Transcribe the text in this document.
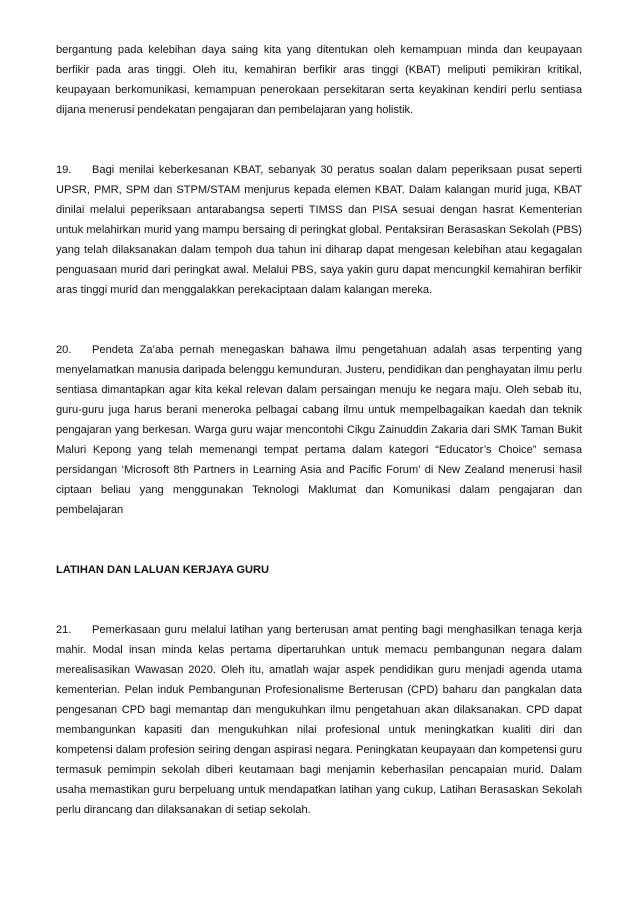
bergantung pada kelebihan daya saing kita yang ditentukan oleh kemampuan minda dan keupayaan berfikir pada aras tinggi. Oleh itu, kemahiran berfikir aras tinggi (KBAT) meliputi pemikiran kritikal, keupayaan berkomunikasi, kemampuan penerokaan persekitaran serta keyakinan kendiri perlu sentiasa dijana menerusi pendekatan pengajaran dan pembelajaran yang holistik.

19. Bagi menilai keberkesanan KBAT, sebanyak 30 peratus soalan dalam peperiksaan pusat seperti UPSR, PMR, SPM dan STPM/STAM menjurus kepada elemen KBAT. Dalam kalangan murid juga, KBAT dinilai melalui peperiksaan antarabangsa seperti TIMSS dan PISA sesuai dengan hasrat Kementerian untuk melahirkan murid yang mampu bersaing di peringkat global. Pentaksiran Berasaskan Sekolah (PBS) yang telah dilaksanakan dalam tempoh dua tahun ini diharap dapat mengesan kelebihan atau kegagalan penguasaan murid dari peringkat awal. Melalui PBS, saya yakin guru dapat mencungkil kemahiran berfikir aras tinggi murid dan menggalakkan perekaciptaan dalam kalangan mereka.

20. Pendeta Za’aba pernah menegaskan bahawa ilmu pengetahuan adalah asas terpenting yang menyelamatkan manusia daripada belenggu kemunduran. Justeru, pendidikan dan penghayatan ilmu perlu sentiasa dimantapkan agar kita kekal relevan dalam persaingan menuju ke negara maju. Oleh sebab itu, guru-guru juga harus berani meneroka pelbagai cabang ilmu untuk mempelbagaikan kaedah dan teknik pengajaran yang berkesan. Warga guru wajar mencontohi Cikgu Zainuddin Zakaria dari SMK Taman Bukit Maluri Kepong yang telah memenangi tempat pertama dalam kategori “Educator’s Choice” semasa persidangan ‘Microsoft 8th Partners in Learning Asia and Pacific Forum’ di New Zealand menerusi hasil ciptaan beliau yang menggunakan Teknologi Maklumat dan Komunikasi dalam pengajaran dan pembelajaran

LATIHAN DAN LALUAN KERJAYA GURU

21. Pemerkasaan guru melalui latihan yang berterusan amat penting bagi menghasilkan tenaga kerja mahir. Modal insan minda kelas pertama dipertaruhkan untuk memacu pembangunan negara dalam merealisasikan Wawasan 2020. Oleh itu, amatlah wajar aspek pendidikan guru menjadi agenda utama kementerian. Pelan induk Pembangunan Profesionalisme Berterusan (CPD) baharu dan pangkalan data pengesanan CPD bagi memantap dan mengukuhkan ilmu pengetahuan akan dilaksanakan. CPD dapat membangunkan kapasiti dan mengukuhkan nilai profesional untuk meningkatkan kualiti diri dan kompetensi dalam profesion seiring dengan aspirasi negara. Peningkatan keupayaan dan kompetensi guru termasuk pemimpin sekolah diberi keutamaan bagi menjamin keberhasilan pencapaian murid. Dalam usaha memastikan guru berpeluang untuk mendapatkan latihan yang cukup, Latihan Berasaskan Sekolah perlu dirancang dan dilaksanakan di setiap sekolah.
